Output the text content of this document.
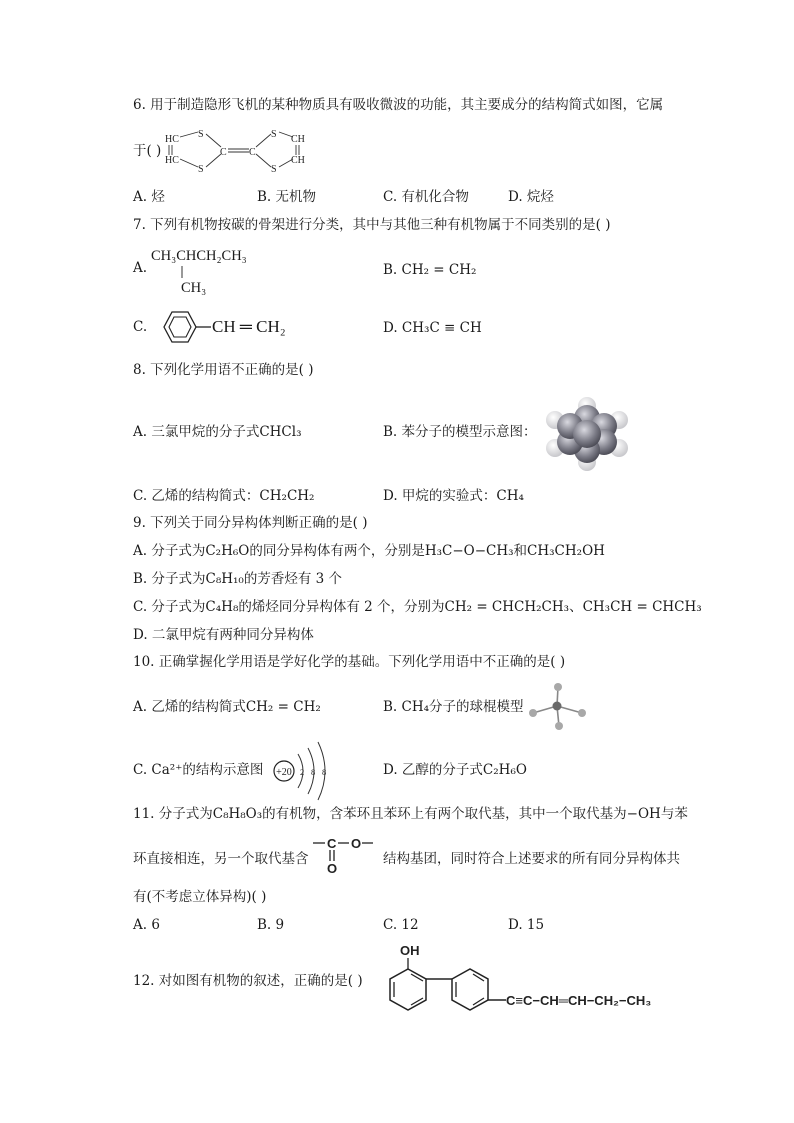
6. 用于制造隐形飞机的某种物质具有吸收微波的功能，其主要成分的结构简式如图，它属
于( )
HC
HC
S
S
C C
S
S
CH
CH
A. 烃	B. 无机物	C. 有机化合物	D. 烷烃
7. 下列有机物按碳的骨架进行分类，其中与其他三种有机物属于不同类别的是( )
A.
CH₃CHCH₂CH₃
CH₃
B. CH₂ = CH₂
C.	CH ═ CH₂	D. CH₃C ≡ CH
8. 下列化学用语不正确的是( )
A. 三氯甲烷的分子式CHCl₃	B. 苯分子的模型示意图：
C. 乙烯的结构简式：CH₂CH₂	D. 甲烷的实验式：CH₄
9. 下列关于同分异构体判断正确的是( )
A. 分子式为C₂H₆O的同分异构体有两个，分别是H₃C−O−CH₃和CH₃CH₂OH
B. 分子式为C₈H₁₀的芳香烃有 3 个
C. 分子式为C₄H₈的烯烃同分异构体有 2 个，分别为CH₂ = CHCH₂CH₃、CH₃CH = CHCH₃
D. 二氯甲烷有两种同分异构体
10. 正确掌握化学用语是学好化学的基础。下列化学用语中不正确的是( )
A. 乙烯的结构简式CH₂ = CH₂	B. CH₄分子的球棍模型
C. Ca²⁺的结构示意图 +20 2 8 8	D. 乙醇的分子式C₂H₆O
11. 分子式为C₈H₈O₃的有机物，含苯环且苯环上有两个取代基，其中一个取代基为−OH与苯
环直接相连，另一个取代基含
C O
O
结构基团，同时符合上述要求的所有同分异构体共
有(不考虑立体异构)( )
A. 6	B. 9	C. 12	D. 15
12. 对如图有机物的叙述，正确的是( )
OH
C≡C−CH═CH−CH₂−CH₃
